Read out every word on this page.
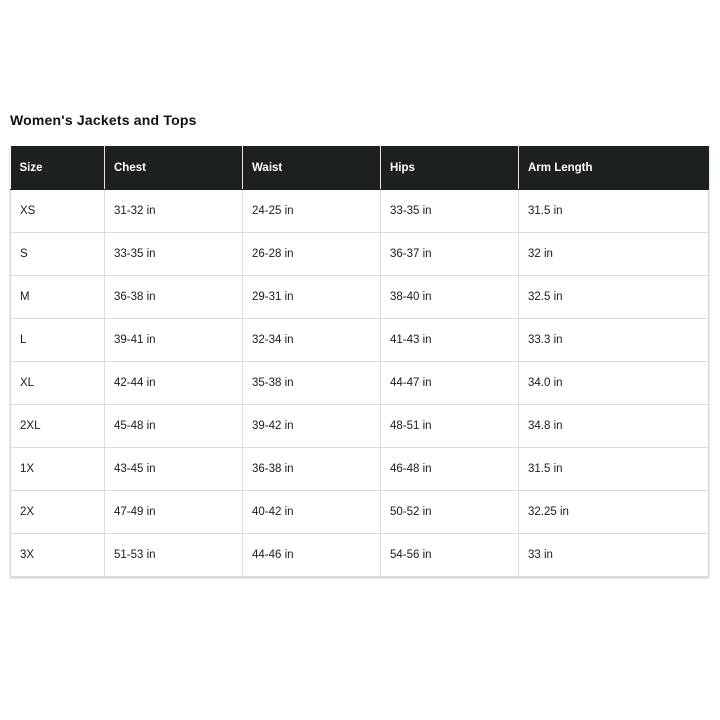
Women's Jackets and Tops
Size	Chest	Waist	Hips	Arm Length
XS	31-32 in	24-25 in	33-35 in	31.5 in
S	33-35 in	26-28 in	36-37 in	32 in
M	36-38 in	29-31 in	38-40 in	32.5 in
L	39-41 in	32-34 in	41-43 in	33.3 in
XL	42-44 in	35-38 in	44-47 in	34.0 in
2XL	45-48 in	39-42 in	48-51 in	34.8 in
1X	43-45 in	36-38 in	46-48 in	31.5 in
2X	47-49 in	40-42 in	50-52 in	32.25 in
3X	51-53 in	44-46 in	54-56 in	33 in
